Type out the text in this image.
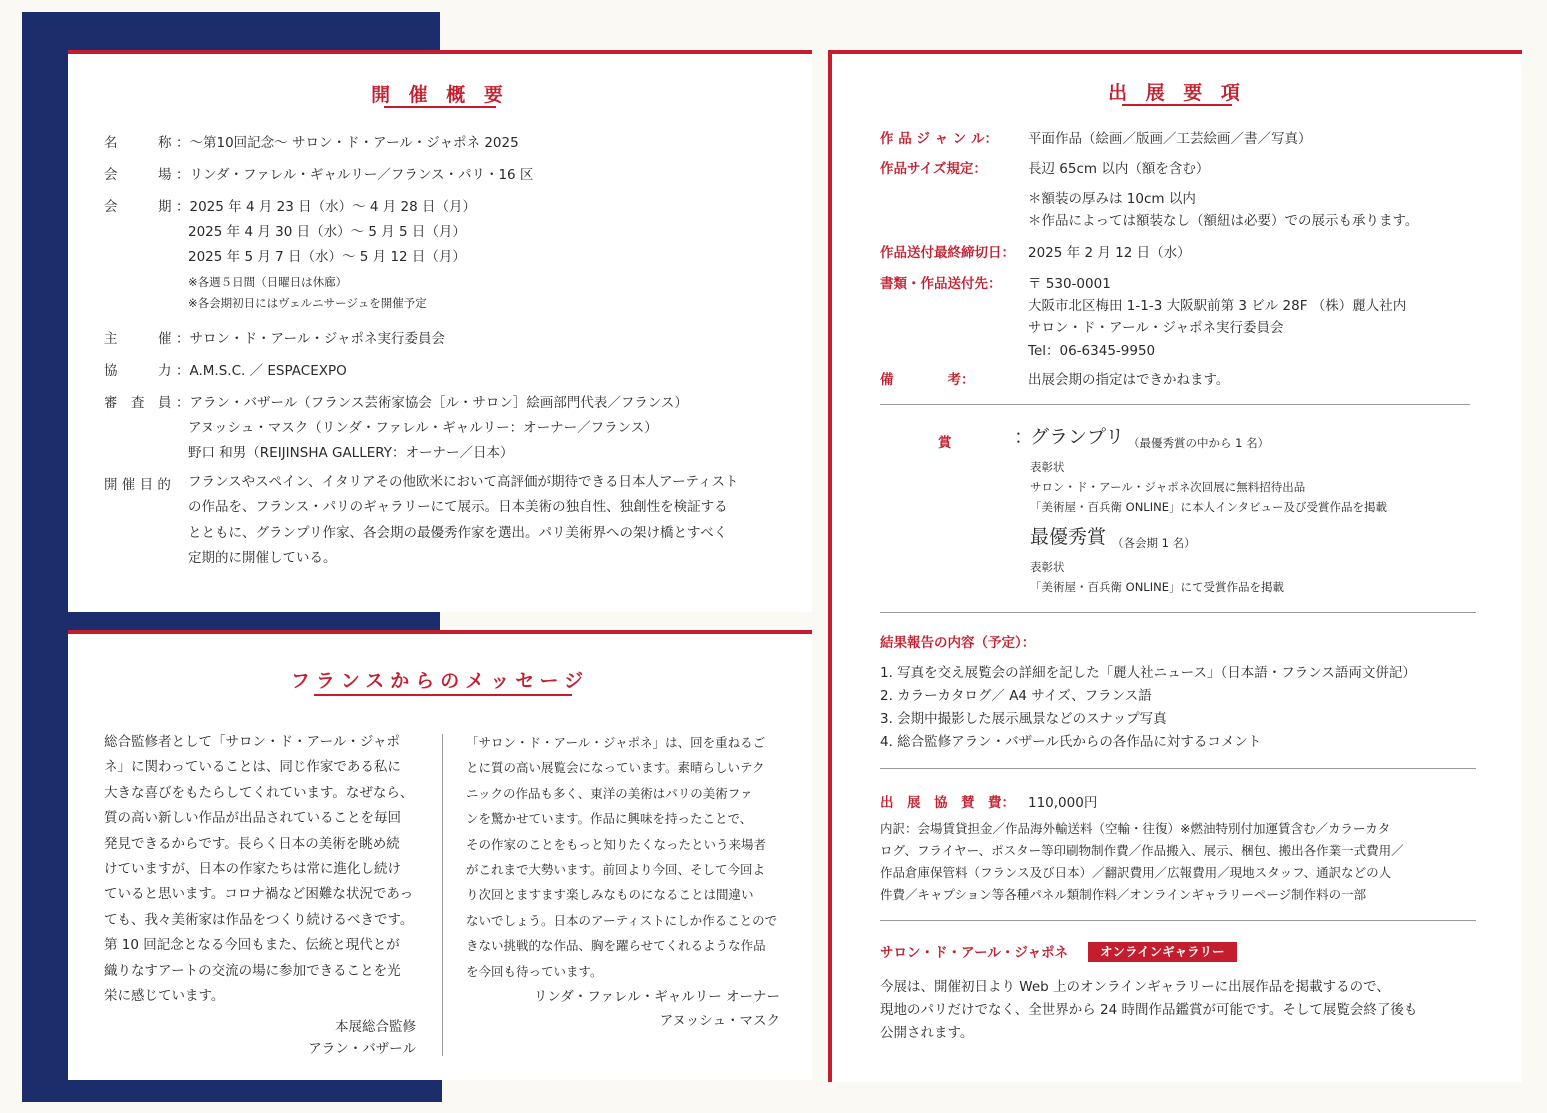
開 催 概 要
名　　　称 ：～第10回記念～ サロン・ド・アール・ジャポネ 2025
会　　　場 ：リンダ・ファレル・ギャルリー／フランス・パリ・16 区
会　　　期 ：2025 年 4 月 23 日（水）～ 4 月 28 日（月）
2025 年 4 月 30 日（水）～ 5 月 5 日（月）
2025 年 5 月 7 日（水）～ 5 月 12 日（月）
※各週５日間（日曜日は休廊）
※各会期初日にはヴェルニサージュを開催予定
主　　　催 ：サロン・ド・アール・ジャポネ実行委員会
協　　　力 ：A.M.S.C. ／ ESPACEXPO
審　査　員 ：アラン・バザール（フランス芸術家協会［ル・サロン］絵画部門代表／フランス）
アヌッシュ・マスク（リンダ・ファレル・ギャルリー：オーナー／フランス）
野口 和男（REIJINSHA GALLERY：オーナー／日本）
開 催 目 的 フランスやスペイン、イタリアその他欧米において高評価が期待できる日本人アーティスト
の作品を、フランス・パリのギャラリーにて展示。日本美術の独自性、独創性を検証する
とともに、グランプリ作家、各会期の最優秀作家を選出。パリ美術界への架け橋とすべく
定期的に開催している。
フランスからのメッセージ
総合監修者として「サロン・ド・アール・ジャポ
ネ」に関わっていることは、同じ作家である私に
大きな喜びをもたらしてくれています。なぜなら、
質の高い新しい作品が出品されていることを毎回
発見できるからです。長らく日本の美術を眺め続
けていますが、日本の作家たちは常に進化し続け
ていると思います。コロナ禍など困難な状況であっ
ても、我々美術家は作品をつくり続けるべきです。
第 10 回記念となる今回もまた、伝統と現代とが
織りなすアートの交流の場に参加できることを光
栄に感じています。
本展総合監修
アラン・バザール
「サロン・ド・アール・ジャポネ」は、回を重ねるご
とに質の高い展覧会になっています。素晴らしいテク
ニックの作品も多く、東洋の美術はパリの美術ファ
ンを驚かせています。作品に興味を持ったことで、
その作家のことをもっと知りたくなったという来場者
がこれまで大勢います。前回より今回、そして今回よ
り次回とますます楽しみなものになることは間違い
ないでしょう。日本のアーティストにしか作ることので
きない挑戦的な作品、胸を躍らせてくれるような作品
を今回も待っています。
リンダ・ファレル・ギャルリー オーナー
アヌッシュ・マスク
出 展 要 項
作 品 ジ ャ ン ル： 平面作品（絵画／版画／工芸絵画／書／写真）
作品サイズ規定：	長辺 65cm 以内（額を含む）
＊額装の厚みは 10cm 以内
＊作品によっては額装なし（額紐は必要）での展示も承ります。
作品送付最終締切日： 2025 年 2 月 12 日（水）
書類・作品送付先： 〒 530-0001
大阪市北区梅田 1-1-3 大阪駅前第 3 ビル 28F （株）麗人社内
サロン・ド・アール・ジャポネ実行委員会
Tel：06-6345-9950
備　　　　考：	出展会期の指定はできかねます。
賞	：
グランプリ （最優秀賞の中から 1 名）
表彰状
サロン・ド・アール・ジャポネ次回展に無料招待出品
「美術屋・百兵衛 ONLINE」に本人インタビュー及び受賞作品を掲載
最優秀賞 （各会期 1 名）
表彰状
「美術屋・百兵衛 ONLINE」にて受賞作品を掲載
結果報告の内容（予定）：
1. 写真を交え展覧会の詳細を記した「麗人社ニュース」（日本語・フランス語両文併記）
2. カラーカタログ／ A4 サイズ、フランス語
3. 会期中撮影した展示風景などのスナップ写真
4. 総合監修アラン・バザール氏からの各作品に対するコメント
出　展　協　賛　費： 110,000円
内訳：会場賃貸担金／作品海外輸送料（空輸・往復）※燃油特別付加運賃含む／カラーカタ
ログ、フライヤー、ポスター等印刷物制作費／作品搬入、展示、梱包、搬出各作業一式費用／
作品倉庫保管料（フランス及び日本）／翻訳費用／広報費用／現地スタッフ、通訳などの人
件費／キャプション等各種パネル類制作料／オンラインギャラリーページ制作料の一部
サロン・ド・アール・ジャポネ	オンラインギャラリー
今展は、開催初日より Web 上のオンラインギャラリーに出展作品を掲載するので、
現地のパリだけでなく、全世界から 24 時間作品鑑賞が可能です。そして展覧会終了後も
公開されます。
